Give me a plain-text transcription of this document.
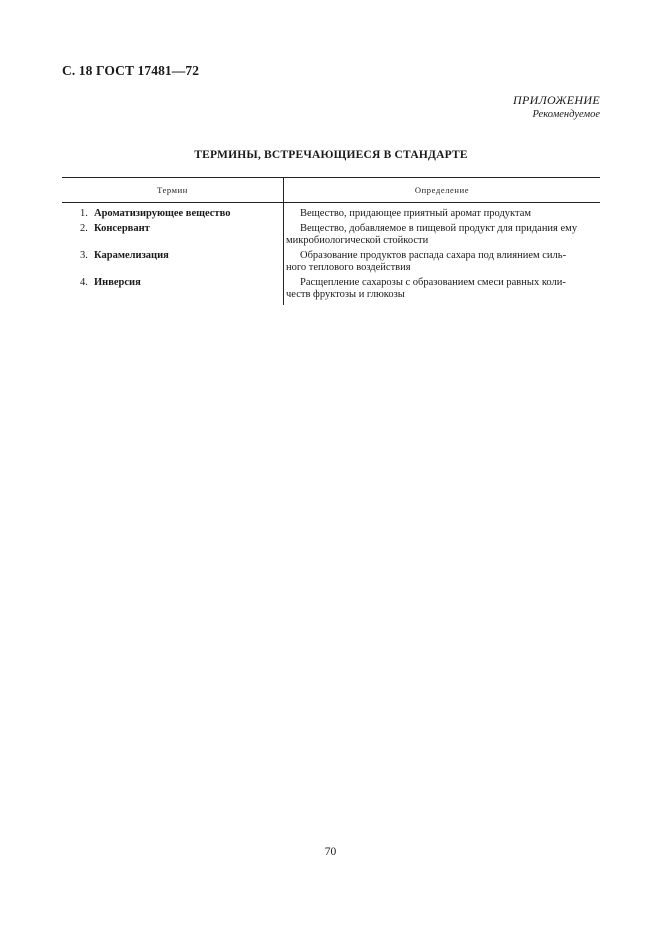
С. 18 ГОСТ 17481—72
ПРИЛОЖЕНИЕ
Рекомендуемое
ТЕРМИНЫ, ВСТРЕЧАЮЩИЕСЯ В СТАНДАРТЕ
Термин	Определение
1. Ароматизирующее вещество	Вещество, придающее приятный аромат продуктам

2. Консервант	Вещество, добавляемое в пищевой продукт для придания ему
микробиологической стойкости

3. Карамелизация	Образование продуктов распада сахара под влиянием силь-
ного теплового воздействия

4. Инверсия	Расщепление сахарозы с образованием смеси равных коли-
честв фруктозы и глюкозы
70
